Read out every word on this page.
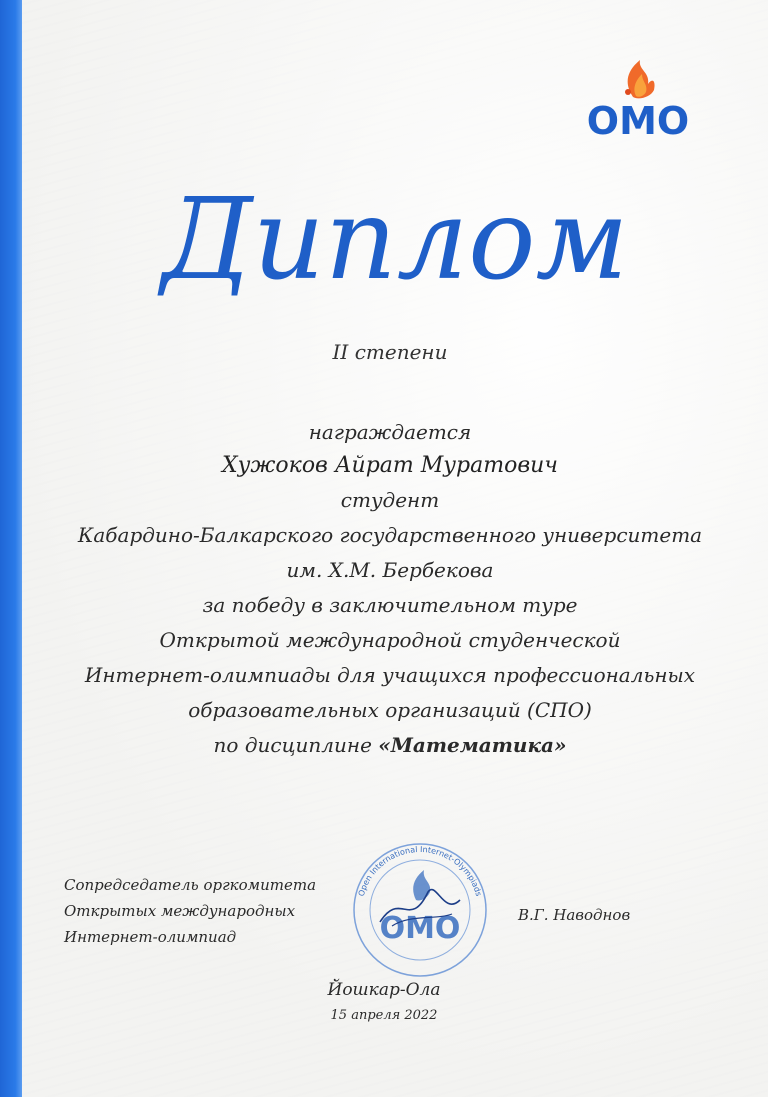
ОМО
Диплом
II степени
награждается
Хужоков Айрат Муратович
студент
Кабардино-Балкарского государственного университета
им. Х.М. Бербекова
за победу в заключительном туре
Открытой международной студенческой
Интернет-олимпиады для учащихся профессиональных
образовательных организаций (СПО)
по дисциплине «Математика»
Сопредседатель оргкомитета
Открытых международных
Интернет-олимпиад
Open International Internet-Olympiads
ОМО	В.Г. Наводнов
Йошкар-Ола
15 апреля 2022
